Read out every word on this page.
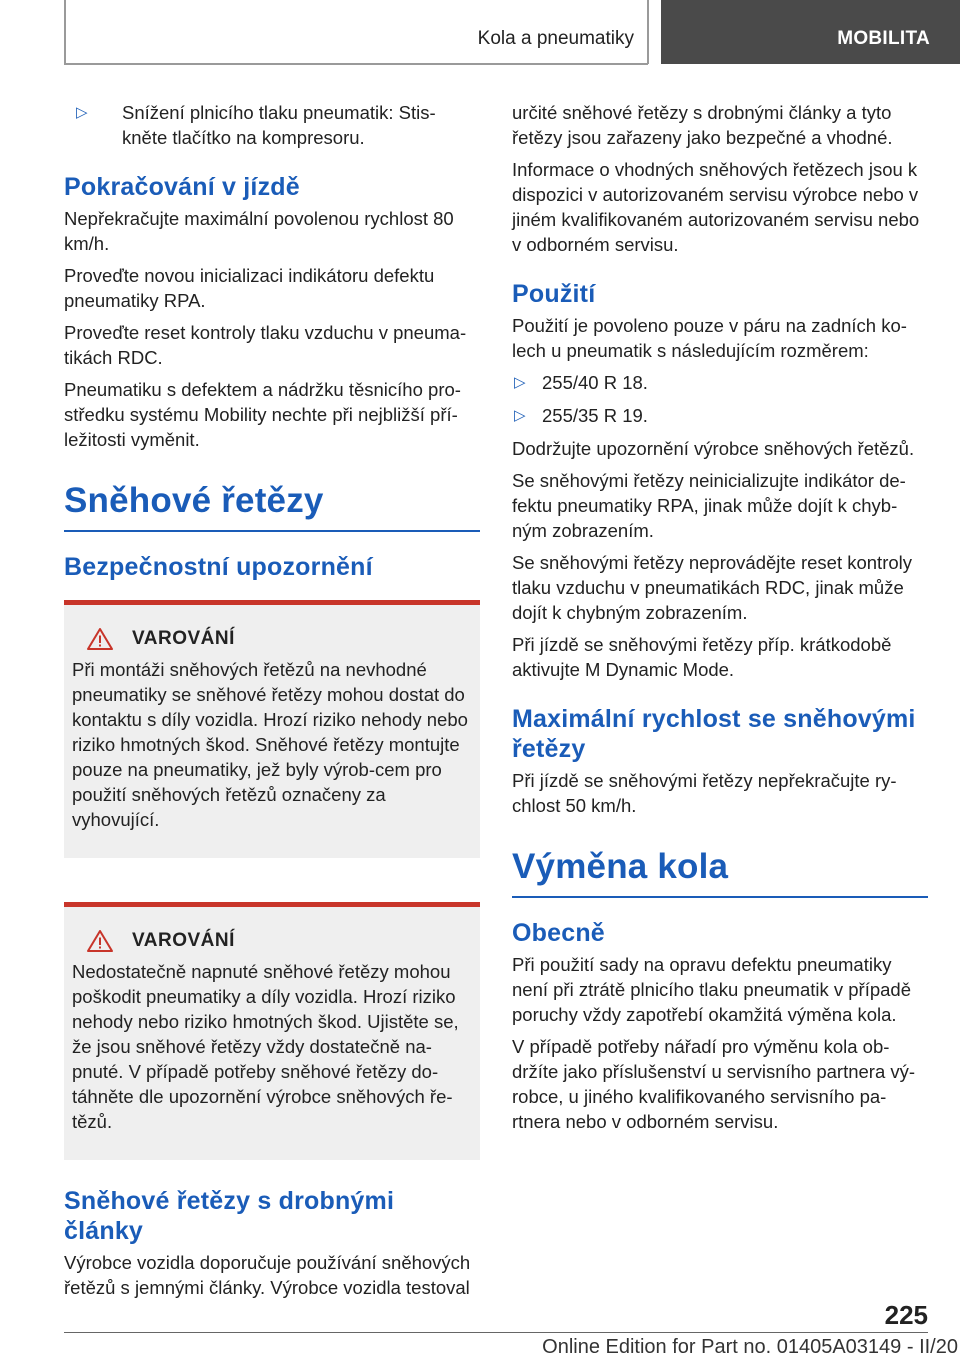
Kola a pneumatiky	MOBILITA
▷ Snížení plnicího tlaku pneumatik: Stis-kněte tlačítko na kompresoru.
Pokračování v jízdě

Nepřekračujte maximální povolenou rychlost 80 km/h.

Proveďte novou inicializaci indikátoru defektu pneumatiky RPA.

Proveďte reset kontroly tlaku vzduchu v pneuma-tikách RDC.

Pneumatiku s defektem a nádržku těsnicího pro-středku systému Mobility nechte při nejbližší pří-ležitosti vyměnit.

Sněhové řetězy
Bezpečnostní upozornění
VAROVÁNÍ

Při montáži sněhových řetězů na nevhodné pneumatiky se sněhové řetězy mohou dostat do kontaktu s díly vozidla. Hrozí riziko nehody nebo riziko hmotných škod. Sněhové řetězy montujte pouze na pneumatiky, jež byly výrob-cem pro použití sněhových řetězů označeny za vyhovující.

VAROVÁNÍ

Nedostatečně napnuté sněhové řetězy mohou poškodit pneumatiky a díly vozidla. Hrozí riziko nehody nebo riziko hmotných škod. Ujistěte se, že jsou sněhové řetězy vždy dostatečně na-pnuté. V případě potřeby sněhové řetězy do-táhněte dle upozornění výrobce sněhových ře-tězů.

Sněhové řetězy s drobnými články

Výrobce vozidla doporučuje používání sněhových řetězů s jemnými články. Výrobce vozidla testoval

určité sněhové řetězy s drobnými články a tyto řetězy jsou zařazeny jako bezpečné a vhodné.

Informace o vhodných sněhových řetězech jsou k dispozici v autorizovaném servisu výrobce nebo v jiném kvalifikovaném autorizovaném servisu nebo v odborném servisu.

Použití

Použití je povoleno pouze v páru na zadních ko-lech u pneumatik s následujícím rozměrem:

▷ 255/40 R 18.
▷ 255/35 R 19.

Dodržujte upozornění výrobce sněhových řetězů.

Se sněhovými řetězy neinicializujte indikátor de-fektu pneumatiky RPA, jinak může dojít k chyb-ným zobrazením.

Se sněhovými řetězy neprovádějte reset kontroly tlaku vzduchu v pneumatikách RDC, jinak může dojít k chybným zobrazením.

Při jízdě se sněhovými řetězy příp. krátkodobě aktivujte M Dynamic Mode.

Maximální rychlost se sněhovými řetězy

Při jízdě se sněhovými řetězy nepřekračujte ry-chlost 50 km/h.

Výměna kola
Obecně

Při použití sady na opravu defektu pneumatiky není při ztrátě plnicího tlaku pneumatik v případě poruchy vždy zapotřebí okamžitá výměna kola.

V případě potřeby nářadí pro výměnu kola ob-držíte jako příslušenství u servisního partnera vý-robce, u jiného kvalifikovaného servisního pa-rtnera nebo v odborném servisu.

225
Online Edition for Part no. 01405A03149 - II/20
